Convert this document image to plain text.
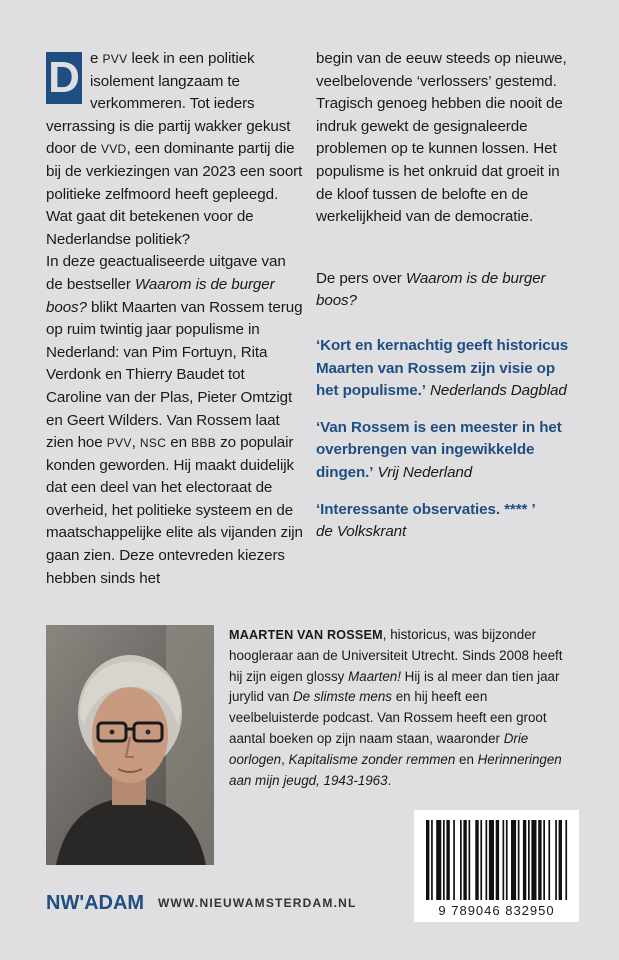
D e PVV leek in een politiek isolement langzaam te verkommeren. Tot ieders verrassing is die partij wakker gekust door de VVD, een dominante partij die bij de verkiezingen van 2023 een soort politieke zelfmoord heeft gepleegd. Wat gaat dit betekenen voor de Nederlandse politiek?

In deze geactualiseerde uitgave van de bestseller Waarom is de burger boos? blikt Maarten van Rossem terug op ruim twintig jaar populisme in Nederland: van Pim Fortuyn, Rita Verdonk en Thierry Baudet tot Caroline van der Plas, Pieter Omtzigt en Geert Wilders. Van Rossem laat zien hoe PVV, NSC en BBB zo populair konden geworden. Hij maakt duidelijk dat een deel van het electoraat de overheid, het politieke systeem en de maatschappelijke elite als vijanden zijn gaan zien. Deze ontevreden kiezers hebben sinds het

begin van de eeuw steeds op nieuwe, veelbelovende ‘verlossers’ gestemd. Tragisch genoeg hebben die nooit de indruk gewekt de gesignaleerde problemen op te kunnen lossen. Het populisme is het onkruid dat groeit in de kloof tussen de belofte en de werkelijkheid van de democratie.

De pers over Waarom is de burger boos?

‘Kort en kernachtig geeft historicus Maarten van Rossem zijn visie op het populisme.’ Nederlands Dagblad

‘Van Rossem is een meester in het overbrengen van ingewikkelde dingen.’ Vrij Nederland

‘Interessante observaties. **** ’
de Volkskrant

MAARTEN VAN ROSSEM, historicus, was bijzonder hoogleraar aan de Universiteit Utrecht. Sinds 2008 heeft hij zijn eigen glossy Maarten! Hij is al meer dan tien jaar jurylid van De slimste mens en hij heeft een veelbeluisterde podcast. Van Rossem heeft een groot aantal boeken op zijn naam staan, waaronder Drie oorlogen, Kapitalisme zonder remmen en Herinneringen aan mijn jeugd, 1943-1963.
9 789046 832950
NW'ADAM WWW.NIEUWAMSTERDAM.NL
